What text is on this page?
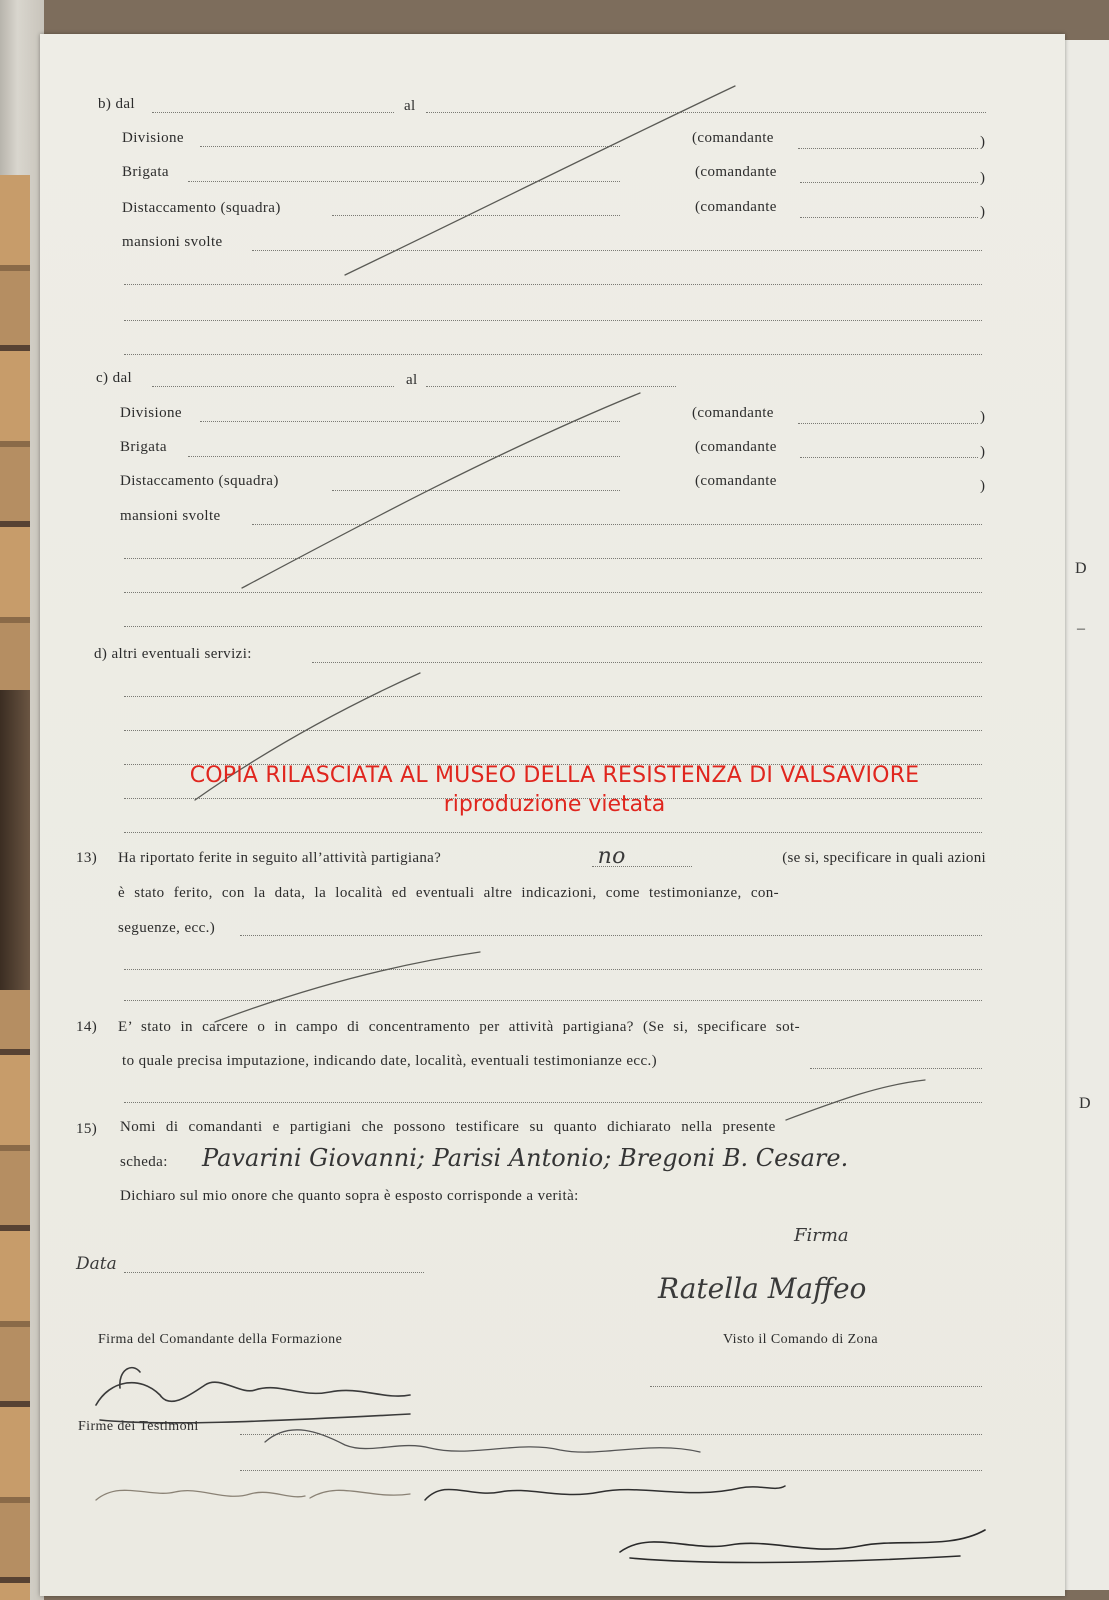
D
–
D
b) dal	al
Divisione	(comandante	)
Brigata	(comandante	)
Distaccamento (squadra)	(comandante	)
mansioni svolte
c) dal	al
Divisione	(comandante	)
Brigata	(comandante	)
Distaccamento (squadra)	(comandante	)
mansioni svolte
d) altri eventuali servizi:
13) Ha riportato ferite in seguito all’attività partigiana?	no	(se si, specificare in quali azioni
è stato ferito, con la data, la località ed eventuali altre indicazioni, come testimonianze, con-
seguenze, ecc.)
14) E’ stato in carcere o in campo di concentramento per attività partigiana? (Se si, specificare sot-
to quale precisa imputazione, indicando date, località, eventuali testimonianze ecc.)
15) Nomi di comandanti e partigiani che possono testificare su quanto dichiarato nella presente
scheda: Pavarini Giovanni; Parisi Antonio; Bregoni B. Cesare.
Dichiaro sul mio onore che quanto sopra è esposto corrisponde a verità:
Firma
Data
Ratella Maffeo
Firma del Comandante della Formazione	Visto il Comando di Zona
Firme dei Testimoni
COPIA RILASCIATA AL MUSEO DELLA RESISTENZA DI VALSAVIORE
riproduzione vietata
